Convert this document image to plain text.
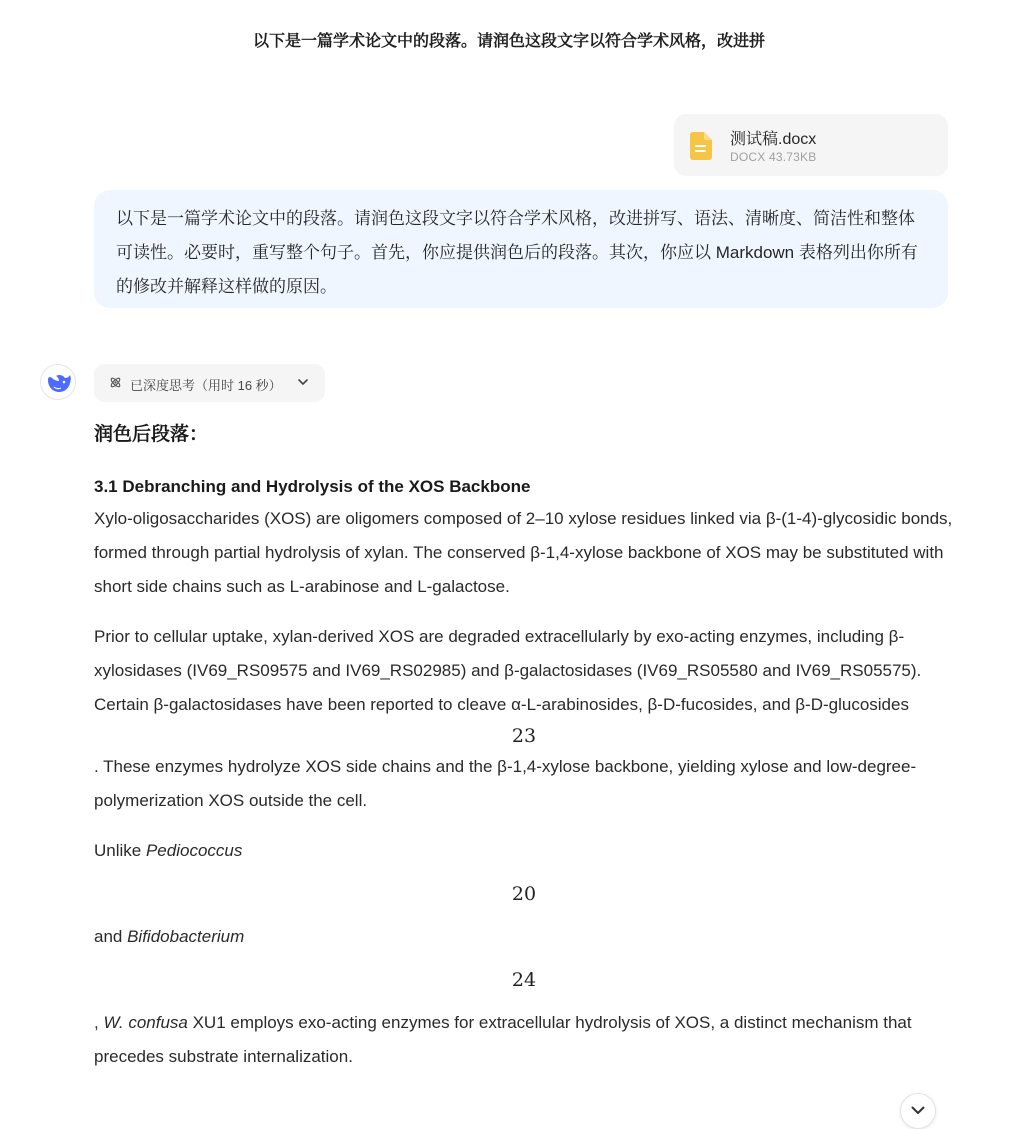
以下是一篇学术论文中的段落。请润色这段文字以符合学术风格，改进拼
测试稿.docx
DOCX 43.73KB
以下是一篇学术论文中的段落。请润色这段文字以符合学术风格，改进拼写、语法、清晰度、简洁性和整体可读性。必要时，重写整个句子。首先，你应提供润色后的段落。其次，你应以 Markdown 表格列出你所有的修改并解释这样做的原因。
已深度思考（用时 16 秒）

润色后段落：

3.1 Debranching and Hydrolysis of the XOS Backbone

Xylo-oligosaccharides (XOS) are oligomers composed of 2–10 xylose residues linked via β-(1-4)-glycosidic bonds, formed through partial hydrolysis of xylan. The conserved β-1,4-xylose backbone of XOS may be substituted with short side chains such as L-arabinose and L-galactose.

Prior to cellular uptake, xylan-derived XOS are degraded extracellularly by exo-acting enzymes, including β-xylosidases (IV69_RS09575 and IV69_RS02985) and β-galactosidases (IV69_RS05580 and IV69_RS05575). Certain β-galactosidases have been reported to cleave α-L-arabinosides, β-D-fucosides, and β-D-glucosides

23

. These enzymes hydrolyze XOS side chains and the β-1,4-xylose backbone, yielding xylose and low-degree-polymerization XOS outside the cell.

Unlike Pediococcus

20

and Bifidobacterium

24

, W. confusa XU1 employs exo-acting enzymes for extracellular hydrolysis of XOS, a distinct mechanism that precedes substrate internalization.
